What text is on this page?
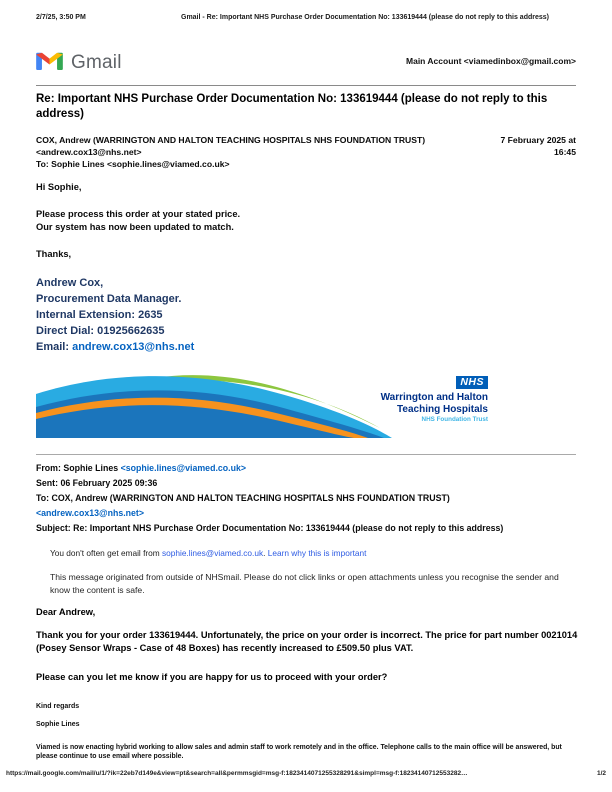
2/7/25, 3:50 PM	Gmail - Re: Important NHS Purchase Order Documentation No: 133619444 (please do not reply to this address)
Gmail	Main Account <viamedinbox@gmail.com>
Re: Important NHS Purchase Order Documentation No: 133619444 (please do not reply to this address)
COX, Andrew (WARRINGTON AND HALTON TEACHING HOSPITALS NHS FOUNDATION TRUST)
<andrew.cox13@nhs.net>
To: Sophie Lines <sophie.lines@viamed.co.uk>
7 February 2025 at
16:45
Hi Sophie,
Please process this order at your stated price.
Our system has now been updated to match.
Thanks,
Andrew Cox,
Procurement Data Manager.
Internal Extension: 2635
Direct Dial: 01925662635
Email: andrew.cox13@nhs.net
NHS
Warrington and Halton
Teaching Hospitals
NHS Foundation Trust
From: Sophie Lines <sophie.lines@viamed.co.uk>
Sent: 06 February 2025 09:36
To: COX, Andrew (WARRINGTON AND HALTON TEACHING HOSPITALS NHS FOUNDATION TRUST)
<andrew.cox13@nhs.net>
Subject: Re: Important NHS Purchase Order Documentation No: 133619444 (please do not reply to this address)
You don't often get email from sophie.lines@viamed.co.uk. Learn why this is important
This message originated from outside of NHSmail. Please do not click links or open attachments unless you recognise the sender and know the content is safe.
Dear Andrew,
Thank you for your order 133619444. Unfortunately, the price on your order is incorrect. The price for part number 0021014 (Posey Sensor Wraps - Case of 48 Boxes) has recently increased to £509.50 plus VAT.
Please can you let me know if you are happy for us to proceed with your order?
Kind regards
Sophie Lines
Viamed is now enacting hybrid working to allow sales and admin staff to work remotely and in the office. Telephone calls to the main office will be answered, but please continue to use email where possible.
https://mail.google.com/mail/u/1/?ik=22eb7d149e&view=pt&search=all&permmsgid=msg-f:1823414071255328291&simpl=msg-f:18234140712553282…	1/2
